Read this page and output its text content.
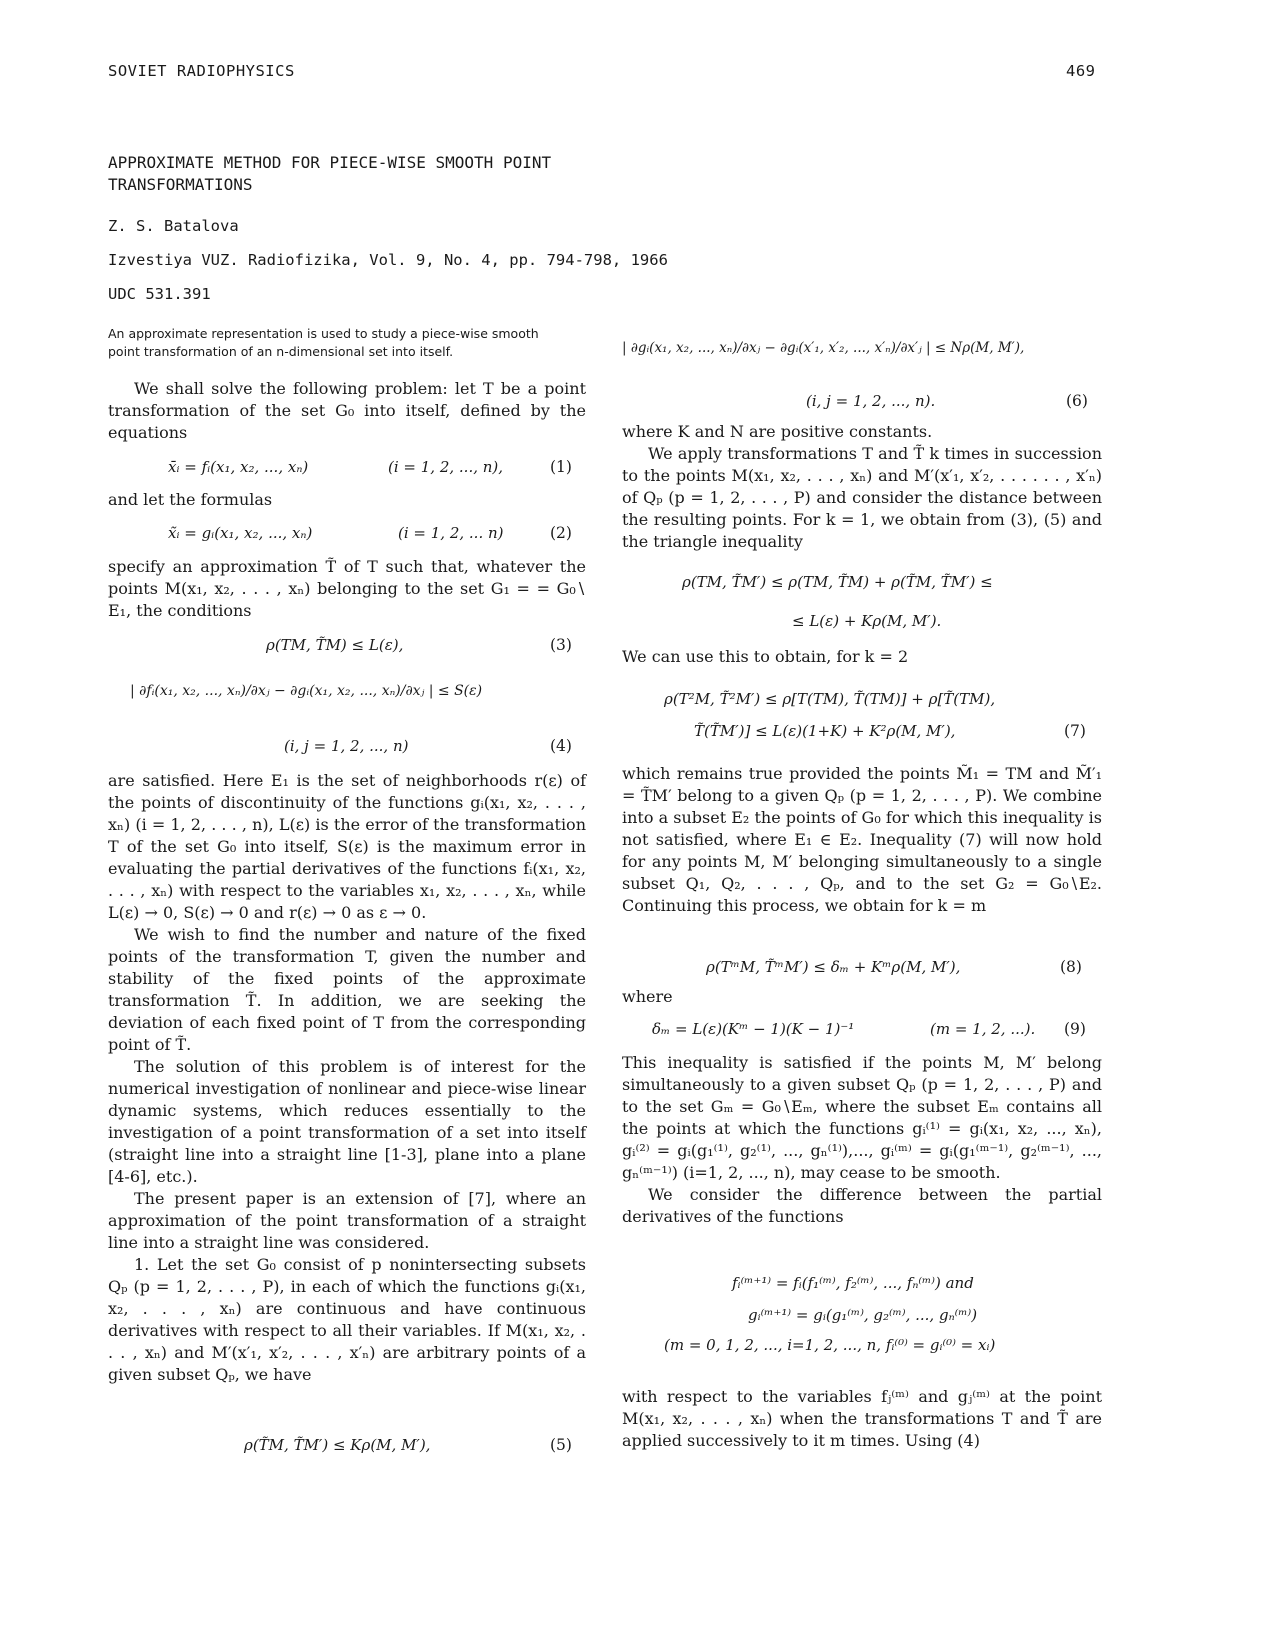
SOVIET RADIOPHYSICS	469
APPROXIMATE METHOD FOR PIECE-WISE SMOOTH POINT
TRANSFORMATIONS
Z. S. Batalova
Izvestiya VUZ. Radiofizika, Vol. 9, No. 4, pp. 794-798, 1966
UDC 531.391
An approximate representation is used to study a piece-wise smooth
point transformation of an n-dimensional set into itself.

We shall solve the following problem: let T be a point transformation of the set G₀ into itself, defined by the equations

x̄ᵢ = fᵢ(x₁, x₂, ..., xₙ)	(i = 1, 2, ..., n),	(1)

and let the formulas

x̃ᵢ = gᵢ(x₁, x₂, ..., xₙ)	(i = 1, 2, ... n)	(2)

specify an approximation T̃ of T such that, whatever the points M(x₁, x₂, . . . , xₙ) belonging to the set G₁ = = G₀∖ E₁, the conditions

ρ(TM, T̃M) ≤ L(ε),	(3)
| ∂fᵢ(x₁, x₂, ..., xₙ)/∂xⱼ − ∂gᵢ(x₁, x₂, ..., xₙ)/∂xⱼ | ≤ S(ε)
(i, j = 1, 2, ..., n)	(4)

are satisfied. Here E₁ is the set of neighborhoods r(ε) of the points of discontinuity of the functions gᵢ(x₁, x₂, . . . , xₙ) (i = 1, 2, . . . , n), L(ε) is the error of the transformation T of the set G₀ into itself, S(ε) is the maximum error in evaluating the partial derivatives of the functions fᵢ(x₁, x₂, . . . , xₙ) with respect to the variables x₁, x₂, . . . , xₙ, while L(ε) → 0, S(ε) → 0 and r(ε) → 0 as ε → 0.

We wish to find the number and nature of the fixed points of the transformation T, given the number and stability of the fixed points of the approximate transformation T̃. In addition, we are seeking the deviation of each fixed point of T from the corresponding point of T̃.

The solution of this problem is of interest for the numerical investigation of nonlinear and piece-wise linear dynamic systems, which reduces essentially to the investigation of a point transformation of a set into itself (straight line into a straight line [1-3], plane into a plane [4-6], etc.).

The present paper is an extension of [7], where an approximation of the point transformation of a straight line into a straight line was considered.

1. Let the set G₀ consist of p nonintersecting subsets Qₚ (p = 1, 2, . . . , P), in each of which the functions gᵢ(x₁, x₂, . . . , xₙ) are continuous and have continuous derivatives with respect to all their variables. If M(x₁, x₂, . . . , xₙ) and M′(x′₁, x′₂, . . . , x′ₙ) are arbitrary points of a given subset Qₚ, we have

ρ(T̃M, T̃M′) ≤ Kρ(M, M′),	(5)
| ∂gᵢ(x₁, x₂, ..., xₙ)/∂xⱼ − ∂gᵢ(x′₁, x′₂, ..., x′ₙ)/∂x′ⱼ | ≤ Nρ(M, M′),
(i, j = 1, 2, ..., n).	(6)

where K and N are positive constants.

We apply transformations T and T̃ k times in succession to the points M(x₁, x₂, . . . , xₙ) and M′(x′₁, x′₂, . . . . . . , x′ₙ) of Qₚ (p = 1, 2, . . . , P) and consider the distance between the resulting points. For k = 1, we obtain from (3), (5) and the triangle inequality

ρ(TM, T̃M′) ≤ ρ(TM, T̃M) + ρ(T̃M, T̃M′) ≤
≤ L(ε) + Kρ(M, M′).

We can use this to obtain, for k = 2

ρ(T²M, T̃²M′) ≤ ρ[T(TM), T̃(TM)] + ρ[T̃(TM),
T̃(T̃M′)] ≤ L(ε)(1+K) + K²ρ(M, M′),	(7)

which remains true provided the points M̃₁ = TM and M̃′₁ = T̃M′ belong to a given Qₚ (p = 1, 2, . . . , P). We combine into a subset E₂ the points of G₀ for which this inequality is not satisfied, where E₁ ∈ E₂. Inequality (7) will now hold for any points M, M′ belonging simultaneously to a single subset Q₁, Q₂, . . . , Qₚ, and to the set G₂ = G₀∖E₂. Continuing this process, we obtain for k = m

ρ(TᵐM, T̃ᵐM′) ≤ δₘ + Kᵐρ(M, M′),	(8)

where

δₘ = L(ε)(Kᵐ − 1)(K − 1)⁻¹	(m = 1, 2, ...). (9)

This inequality is satisfied if the points M, M′ belong simultaneously to a given subset Qₚ (p = 1, 2, . . . , P) and to the set Gₘ = G₀∖Eₘ, where the subset Eₘ contains all the points at which the functions gᵢ⁽¹⁾ = gᵢ(x₁, x₂, ..., xₙ), gᵢ⁽²⁾ = gᵢ(g₁⁽¹⁾, g₂⁽¹⁾, ..., gₙ⁽¹⁾),..., gᵢ⁽ᵐ⁾ = gᵢ(g₁⁽ᵐ⁻¹⁾, g₂⁽ᵐ⁻¹⁾, ..., gₙ⁽ᵐ⁻¹⁾) (i=1, 2, ..., n), may cease to be smooth.

We consider the difference between the partial derivatives of the functions

fᵢ⁽ᵐ⁺¹⁾ = fᵢ(f₁⁽ᵐ⁾, f₂⁽ᵐ⁾, ..., fₙ⁽ᵐ⁾) and
gᵢ⁽ᵐ⁺¹⁾ = gᵢ(g₁⁽ᵐ⁾, g₂⁽ᵐ⁾, ..., gₙ⁽ᵐ⁾)
(m = 0, 1, 2, ..., i=1, 2, ..., n, fᵢ⁽⁰⁾ = gᵢ⁽⁰⁾ = xᵢ)

with respect to the variables fⱼ⁽ᵐ⁾ and gⱼ⁽ᵐ⁾ at the point M(x₁, x₂, . . . , xₙ) when the transformations T and T̃ are applied successively to it m times. Using (4)
